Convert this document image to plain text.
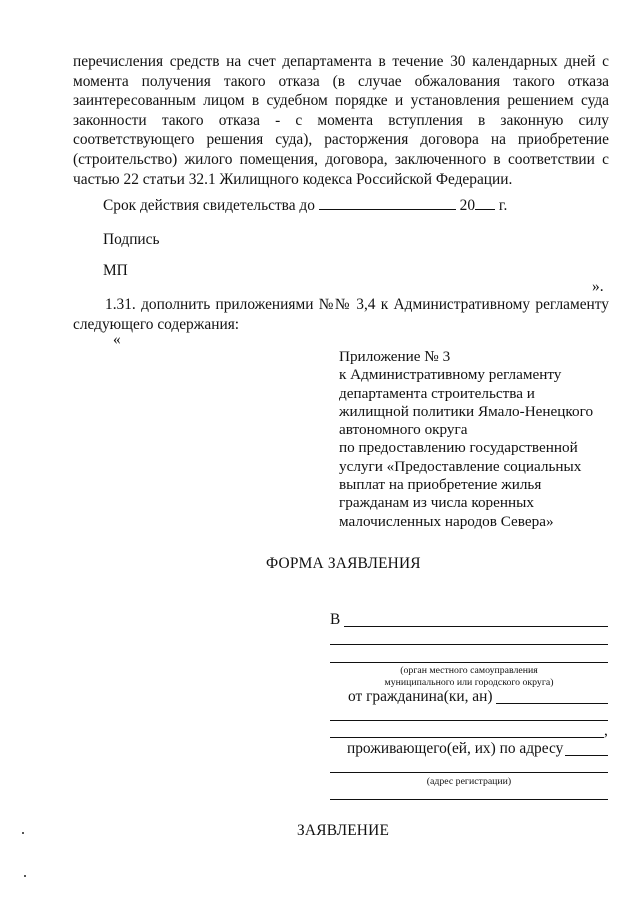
перечисления средств на счет департамента в течение 30 календарных дней с момента получения такого отказа (в случае обжалования такого отказа заинтересованным лицом в судебном порядке и установления решением суда законности такого отказа - с момента вступления в законную силу соответствующего решения суда), расторжения договора на приобретение (строительство) жилого помещения, договора, заключенного в соответствии с частью 22 статьи 32.1 Жилищного кодекса Российской Федерации.
Срок действия свидетельства до	20 г.
Подпись
МП
».
1.31. дополнить приложениями №№ 3,4 к Административному регламенту следующего содержания:
«
Приложение № 3
к Административному регламенту
департамента строительства и
жилищной политики Ямало-Ненецкого
автономного округа
по предоставлению государственной
услуги «Предоставление социальных
выплат на приобретение жилья
гражданам из числа коренных
малочисленных народов Севера»
ФОРМА ЗАЯВЛЕНИЯ
В
(орган местного самоуправления
муниципального или городского округа)
от гражданина(ки, ан)
,
проживающего(ей, их) по адресу
(адрес регистрации)
ЗАЯВЛЕНИЕ
